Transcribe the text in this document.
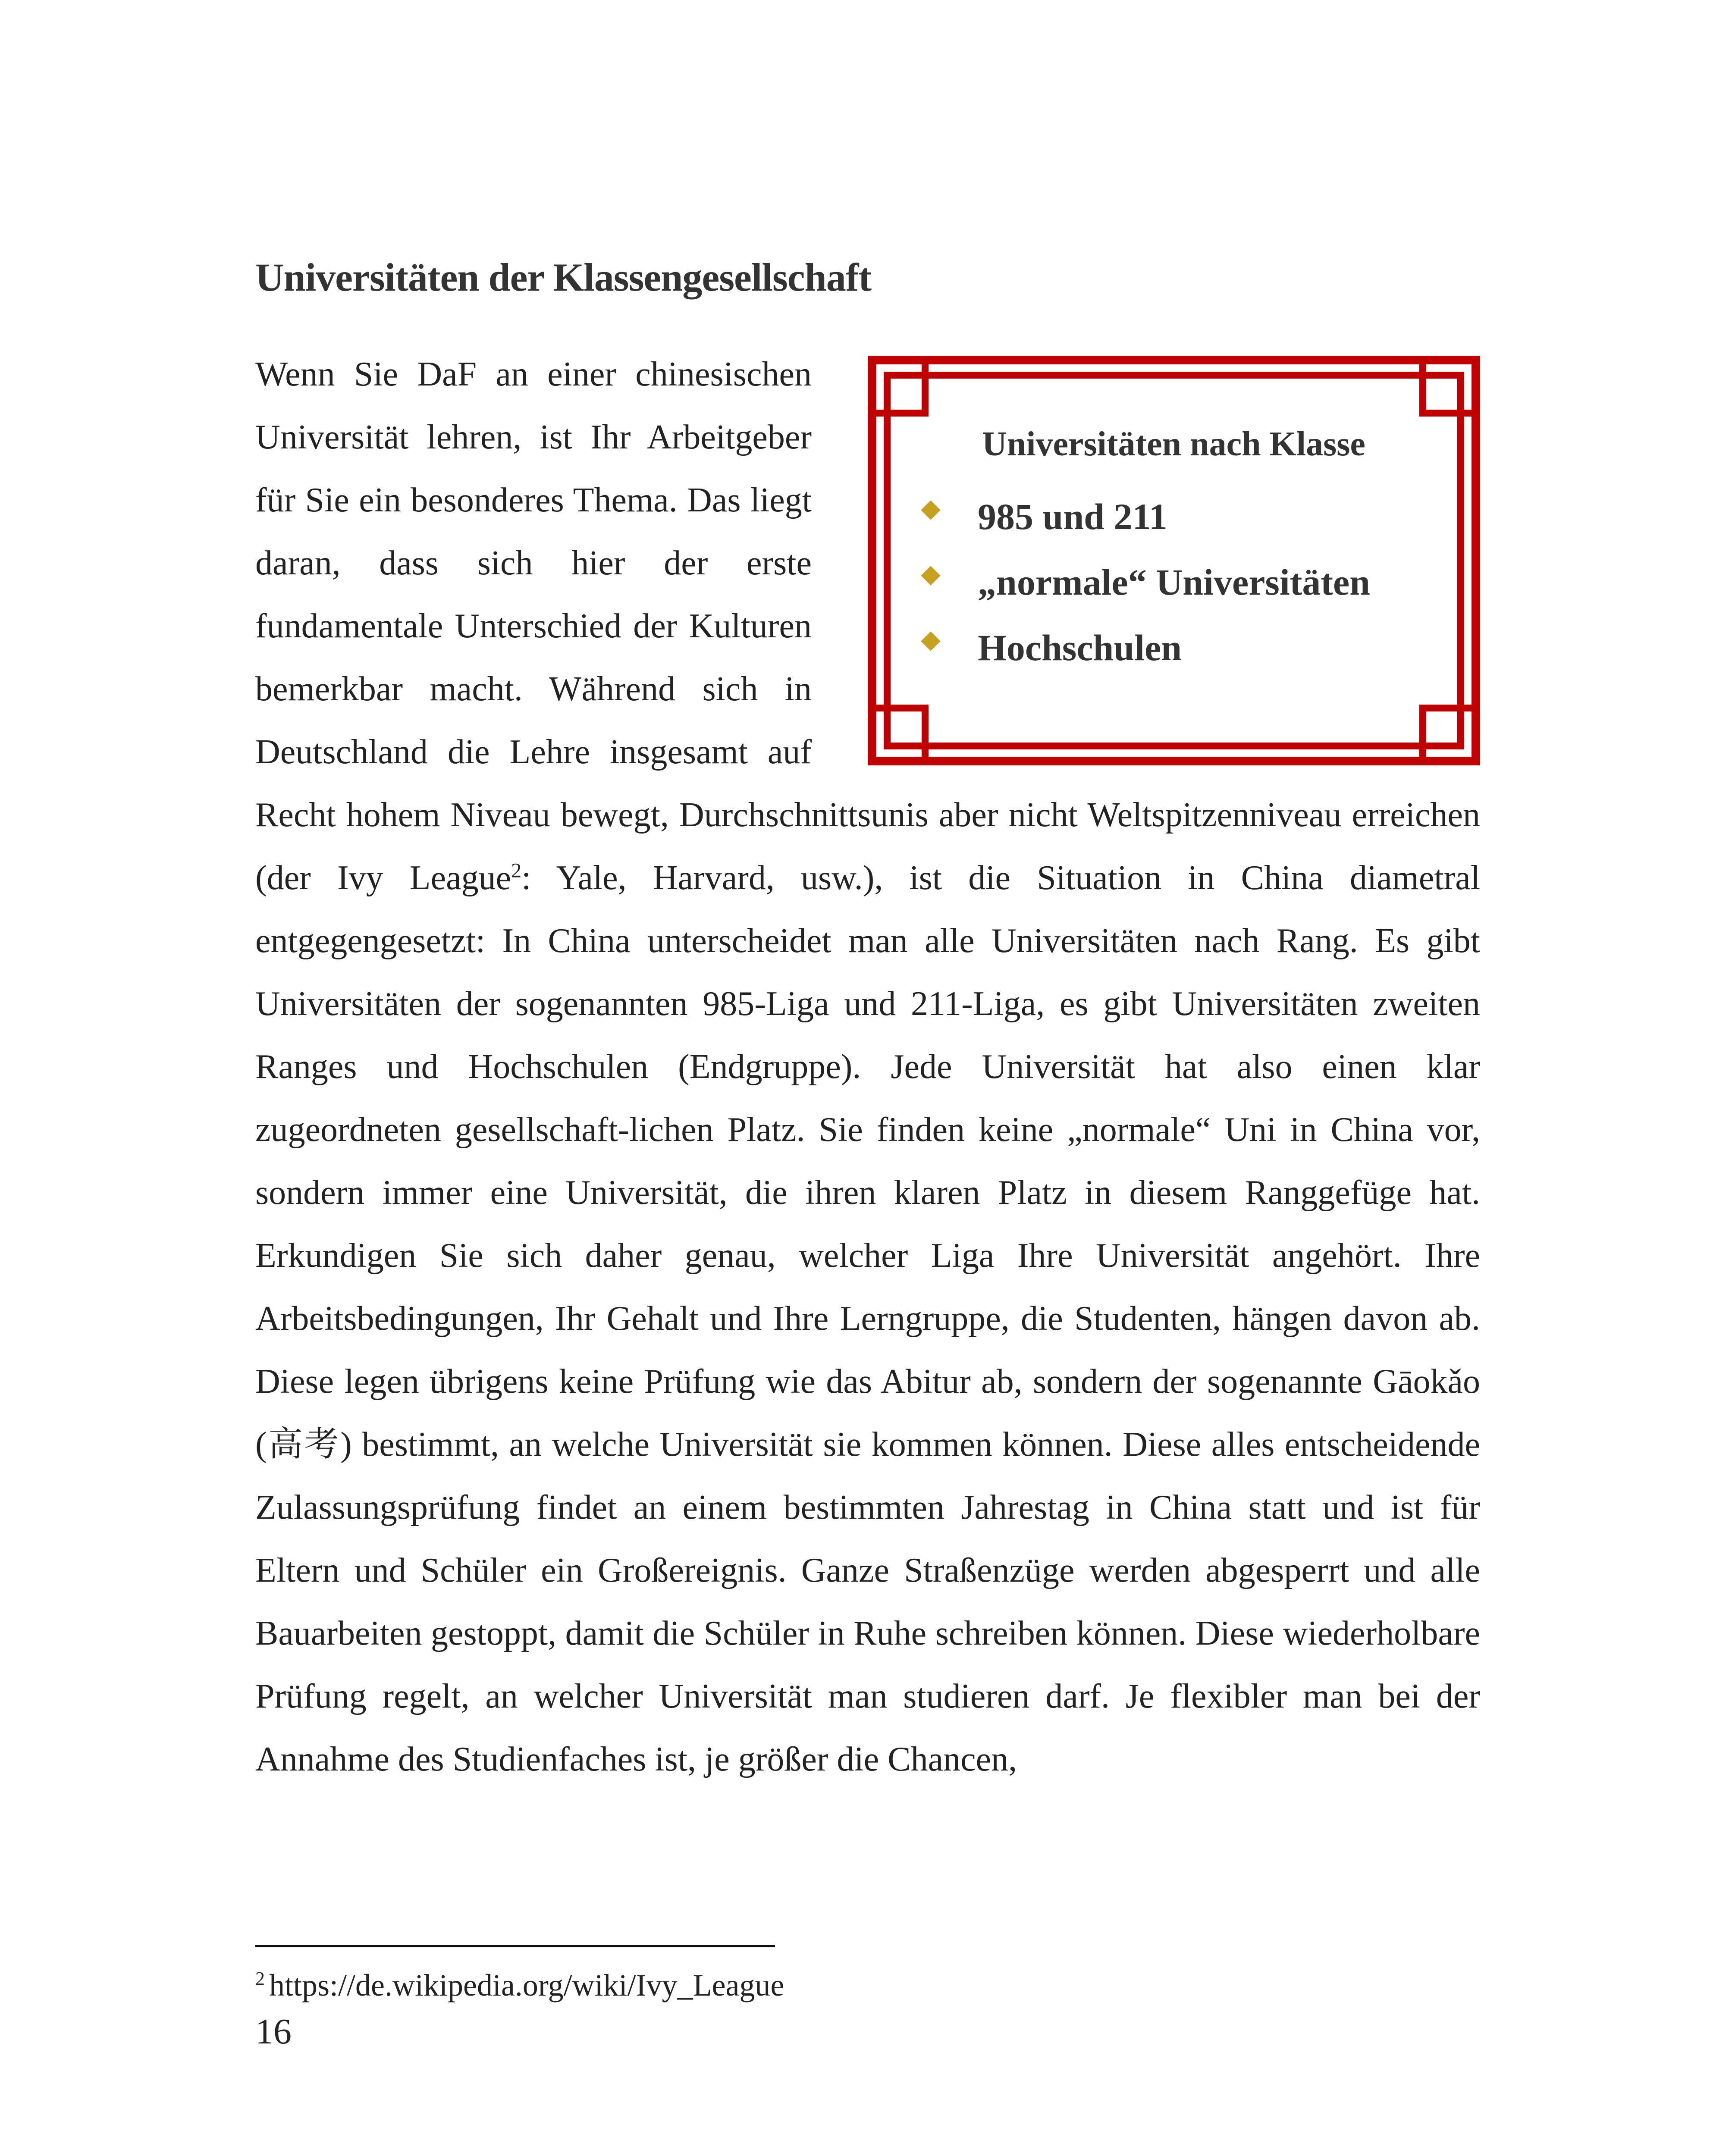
Universitäten der Klassengesellschaft
Universitäten nach Klasse
985 und 211
„normale“ Universitäten
Hochschulen
Wenn Sie DaF an einer chinesischen Universität lehren, ist Ihr Arbeitgeber für Sie ein besonderes Thema. Das liegt daran, dass sich hier der erste fundamentale Unterschied der Kulturen bemerkbar macht. Während sich in Deutschland die Lehre insgesamt auf Recht hohem Niveau bewegt, Durchschnittsunis aber nicht Weltspitzenniveau erreichen (der Ivy League$^2$: Yale, Harvard, usw.), ist die Situation in China diametral entgegengesetzt: In China unterscheidet man alle Universitäten nach Rang. Es gibt Universitäten der sogenannten 985-Liga und 211-Liga, es gibt Universitäten zweiten Ranges und Hochschulen (Endgruppe). Jede Universität hat also einen klar zugeordneten gesellschaft-lichen Platz. Sie finden keine „normale“ Uni in China vor, sondern immer eine Universität, die ihren klaren Platz in diesem Ranggefüge hat. Erkundigen Sie sich daher genau, welcher Liga Ihre Universität angehört. Ihre Arbeitsbedingungen, Ihr Gehalt und Ihre Lerngruppe, die Studenten, hängen davon ab. Diese legen übrigens keine Prüfung wie das Abitur ab, sondern der sogenannte Gāokǎo (高考) bestimmt, an welche Universität sie kommen können. Diese alles entscheidende Zulassungsprüfung findet an einem bestimmten Jahrestag in China statt und ist für Eltern und Schüler ein Großereignis. Ganze Straßenzüge werden abgesperrt und alle Bauarbeiten gestoppt, damit die Schüler in Ruhe schreiben können. Diese wiederholbare Prüfung regelt, an welcher Universität man studieren darf. Je flexibler man bei der Annahme des Studienfaches ist, je größer die Chancen,
$^2$ https://de.wikipedia.org/wiki/Ivy_League
16
